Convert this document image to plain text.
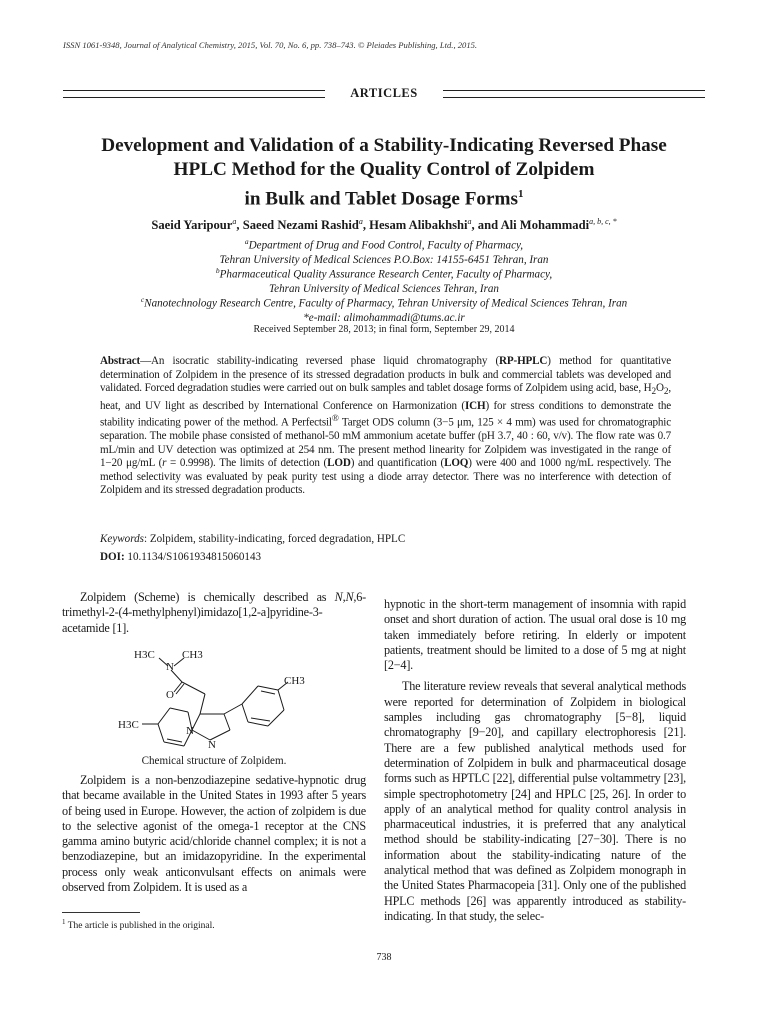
ISSN 1061-9348, Journal of Analytical Chemistry, 2015, Vol. 70, No. 6, pp. 738–743. © Pleiades Publishing, Ltd., 2015.
ARTICLES
Development and Validation of a Stability-Indicating Reversed Phase
HPLC Method for the Quality Control of Zolpidem
in Bulk and Tablet Dosage Forms$^1$
Saeid Yaripour$^a$, Saeed Nezami Rashid$^a$, Hesam Alibakhshi$^a$, and Ali Mohammadi$^{a, b, c, *}$
$^a$Department of Drug and Food Control, Faculty of Pharmacy,
Tehran University of Medical Sciences P.O.Box: 14155-6451 Tehran, Iran
$^b$Pharmaceutical Quality Assurance Research Center, Faculty of Pharmacy,
Tehran University of Medical Sciences Tehran, Iran
$^c$Nanotechnology Research Centre, Faculty of Pharmacy, Tehran University of Medical Sciences Tehran, Iran
*e-mail: alimohammadi@tums.ac.ir
Received September 28, 2013; in final form, September 29, 2014
Abstract—An isocratic stability-indicating reversed phase liquid chromatography (RP-HPLC) method for quantitative determination of Zolpidem in the presence of its stressed degradation products in bulk and commercial tablets was developed and validated. Forced degradation studies were carried out on bulk samples and tablet dosage forms of Zolpidem using acid, base, $H_2O_2$, heat, and UV light as described by International Conference on Harmonization (ICH) for stress conditions to demonstrate the stability indicating power of the method. A Perfectsil® Target ODS column (3−5 μm, 125 × 4 mm) was used for chromatographic separation. The mobile phase consisted of methanol-50 mM ammonium acetate buffer (pH 3.7, 40 : 60, v/v). The flow rate was 0.7 mL/min and UV detection was optimized at 254 nm. The present method linearity for Zolpidem was investigated in the range of 1−20 μg/mL (r = 0.9998). The limits of detection (LOD) and quantification (LOQ) were 400 and 1000 ng/mL respectively. The method selectivity was evaluated by peak purity test using a diode array detector. There was no interference with detection of Zolpidem and its stressed degradation products.
Keywords: Zolpidem, stability-indicating, forced degradation, HPLC
DOI: 10.1134/S1061934815060143

Zolpidem (Scheme) is chemically described as N,N,6-trimethyl-2-(4-methylphenyl)imidazo[1,2-a]pyridine-3-acetamide [1].

H3C
N
CH3
O
CH3
H3C	N
N
Chemical structure of Zolpidem.

Zolpidem is a non-benzodiazepine sedative-hypnotic drug that became available in the United States in 1993 after 5 years of being used in Europe. However, the action of zolpidem is due to the selective agonist of the omega-1 receptor at the CNS gamma amino butyric acid/chloride channel complex; it is not a benzodiazepine, but an imidazopyridine. In the experimental process only weak anticonvulsant effects on animals were observed from Zolpidem. It is used as a

hypnotic in the short-term management of insomnia with rapid onset and short duration of action. The usual oral dose is 10 mg taken immediately before retiring. In elderly or impotent patients, treatment should be limited to a dose of 5 mg at night [2−4].

The literature review reveals that several analytical methods were reported for determination of Zolpidem in biological samples including gas chromatography [5−8], liquid chromatography [9−20], and capillary electrophoresis [21]. There are a few published analytical methods used for determination of Zolpidem in bulk and pharmaceutical dosage forms such as HPTLC [22], differential pulse voltammetry [23], simple spectrophotometry [24] and HPLC [25, 26]. In order to apply of an analytical method for quality control analysis in pharmaceutical industries, it is preferred that any analytical method should be stability-indicating [27−30]. There is no information about the stability-indicating nature of the analytical method that was defined as Zolpidem monograph in the United States Pharmacopeia [31]. Only one of the published HPLC methods [26] was apparently introduced as stability-indicating. In that study, the selec-

$^1$ The article is published in the original.
738
